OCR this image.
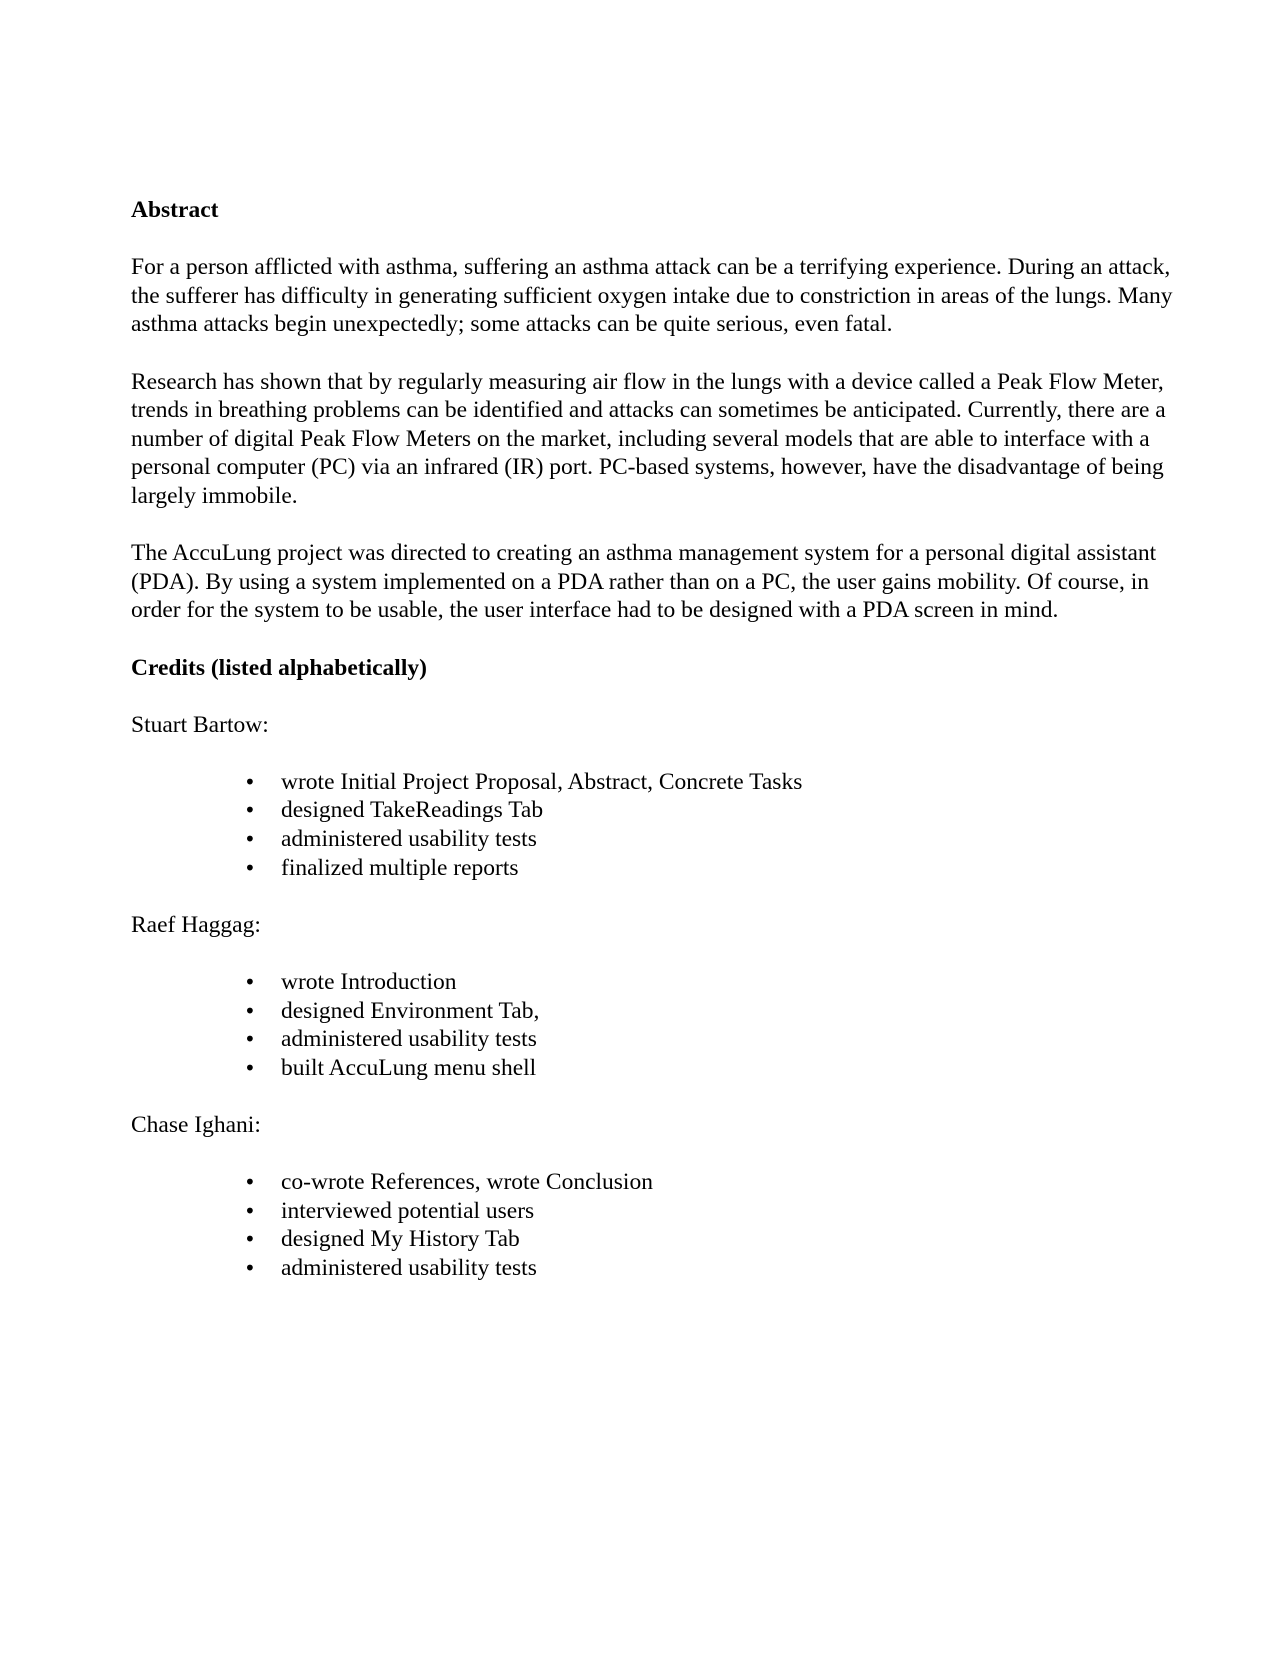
Abstract

For a person afflicted with asthma, suffering an asthma attack can be a terrifying experience. During an attack, the sufferer has difficulty in generating sufficient oxygen intake due to constriction in areas of the lungs. Many asthma attacks begin unexpectedly; some attacks can be quite serious, even fatal.

Research has shown that by regularly measuring air flow in the lungs with a device called a Peak Flow Meter, trends in breathing problems can be identified and attacks can sometimes be anticipated. Currently, there are a number of digital Peak Flow Meters on the market, including several models that are able to interface with a personal computer (PC) via an infrared (IR) port. PC-based systems, however, have the disadvantage of being largely immobile.

The AccuLung project was directed to creating an asthma management system for a personal digital assistant (PDA). By using a system implemented on a PDA rather than on a PC, the user gains mobility. Of course, in order for the system to be usable, the user interface had to be designed with a PDA screen in mind.

Credits (listed alphabetically)
Stuart Bartow:
•	wrote Initial Project Proposal, Abstract, Concrete Tasks
•	designed TakeReadings Tab
•	administered usability tests
•	finalized multiple reports
Raef Haggag:
•	wrote Introduction
•	designed Environment Tab,
•	administered usability tests
•	built AccuLung menu shell
Chase Ighani:
•	co-wrote References, wrote Conclusion
•	interviewed potential users
•	designed My History Tab
•	administered usability tests
